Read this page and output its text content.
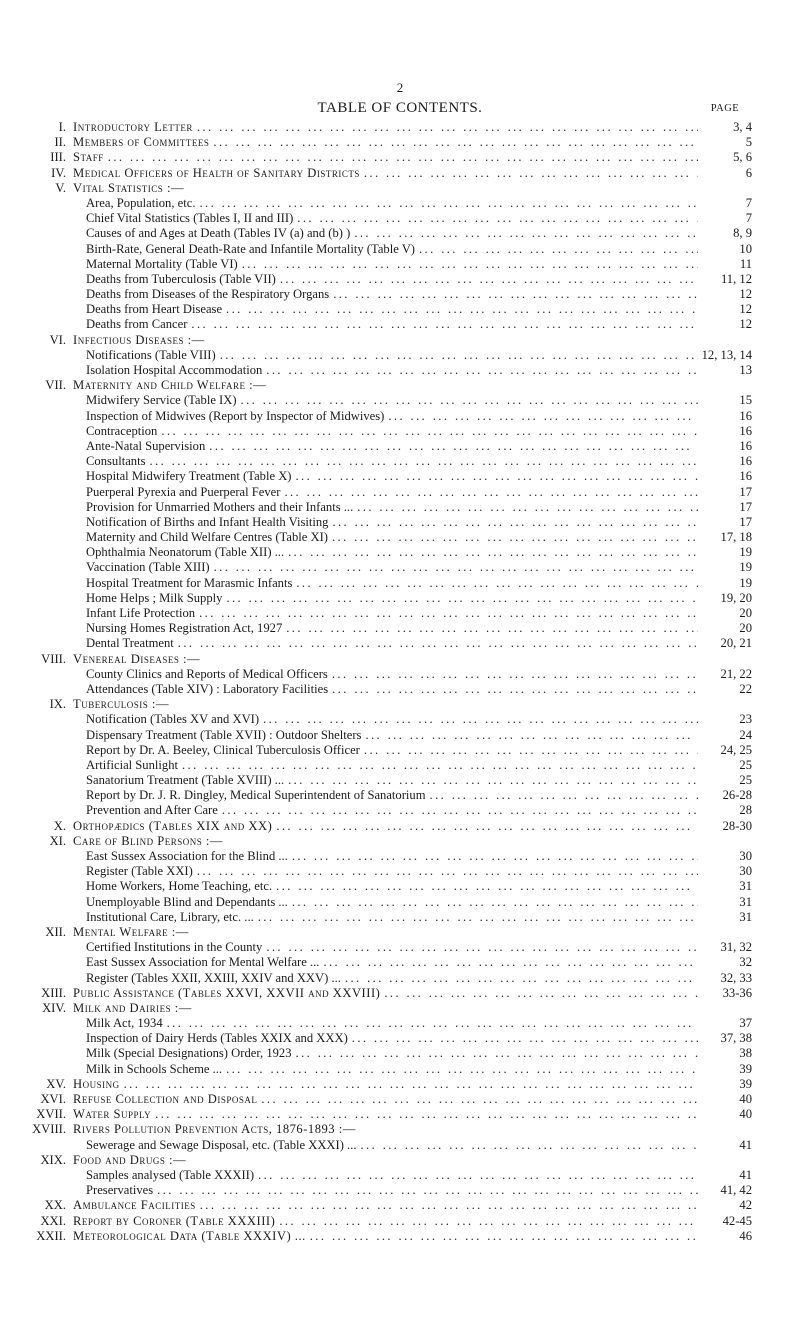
2
TABLE OF CONTENTS.	PAGE
I. Introductory Letter ... .	3, 4
II. Members of Committees ... .	5
III. Staff ... .	5, 6
IV. Medical Officers of Health of Sanitary Districts ... .	6
V. Vital Statistics :—
Area, Population, etc. ... .	7
Chief Vital Statistics (Tables I, II and III) ... .	7
Causes of and Ages at Death (Tables IV (a) and (b) ) ... .	8, 9
Birth-Rate, General Death-Rate and Infantile Mortality (Table V) ... .	10
Maternal Mortality (Table VI) ... .	11
Deaths from Tuberculosis (Table VII) ... .	11, 12
Deaths from Diseases of the Respiratory Organs ... .	12
Deaths from Heart Disease ... .	12
Deaths from Cancer ... .	12
VI. Infectious Diseases :—
Notifications (Table VIII) ... .	12, 13, 14
Isolation Hospital Accommodation ... .	13
VII. Maternity and Child Welfare :—
Midwifery Service (Table IX) ... .	15
Inspection of Midwives (Report by Inspector of Midwives) ... .	16
Contraception ... .	16
Ante-Natal Supervision ... .	16
Consultants ... .	16
Hospital Midwifery Treatment (Table X) ... .	16
Puerperal Pyrexia and Puerperal Fever ... .	17
Provision for Unmarried Mothers and their Infants ... ... .	17
Notification of Births and Infant Health Visiting ... .	17
Maternity and Child Welfare Centres (Table XI) ... .	17, 18
Ophthalmia Neonatorum (Table XII) ... ... .	19
Vaccination (Table XIII) ... .	19
Hospital Treatment for Marasmic Infants ... .	19
Home Helps ; Milk Supply ... .	19, 20
Infant Life Protection ... .	20
Nursing Homes Registration Act, 1927 ... .	20
Dental Treatment ... .	20, 21
VIII. Venereal Diseases :—
County Clinics and Reports of Medical Officers ... .	21, 22
Attendances (Table XIV) : Laboratory Facilities ... .	22
IX. Tuberculosis :—
Notification (Tables XV and XVI) ... .	23
Dispensary Treatment (Table XVII) : Outdoor Shelters ... .	24
Report by Dr. A. Beeley, Clinical Tuberculosis Officer ... .	24, 25
Artificial Sunlight ... .	25
Sanatorium Treatment (Table XVIII) ... ... .	25
Report by Dr. J. R. Dingley, Medical Superintendent of Sanatorium ... .	26-28
Prevention and After Care ... .	28
X. Orthopædics (Tables XIX and XX) ... .	28-30
XI. Care of Blind Persons :—
East Sussex Association for the Blind ... ... .	30
Register (Table XXI) ... .	30
Home Workers, Home Teaching, etc. ... .	31
Unemployable Blind and Dependants ... ... .	31
Institutional Care, Library, etc. ... ... .	31
XII. Mental Welfare :—
Certified Institutions in the County ... .	31, 32
East Sussex Association for Mental Welfare ... ... .	32
Register (Tables XXII, XXIII, XXIV and XXV) ... ... .	32, 33
XIII. Public Assistance (Tables XXVI, XXVII and XXVIII) ... .	33-36
XIV. Milk and Dairies :—
Milk Act, 1934 ... .	37
Inspection of Dairy Herds (Tables XXIX and XXX) ... .	37, 38
Milk (Special Designations) Order, 1923 ... .	38
Milk in Schools Scheme ... ... .	39
XV. Housing ... .	39
XVI. Refuse Collection and Disposal ... .	40
XVII. Water Supply ... .	40
XVIII. Rivers Pollution Prevention Acts, 1876-1893 :—
Sewerage and Sewage Disposal, etc. (Table XXXI) ... ... .	41
XIX. Food and Drugs :—
Samples analysed (Table XXXII) ... .	41
Preservatives ... .	41, 42
XX. Ambulance Facilities ... .	42
XXI. Report by Coroner (Table XXXIII) ... .	42-45
XXII. Meteorological Data (Table XXXIV) ... ... .	46
